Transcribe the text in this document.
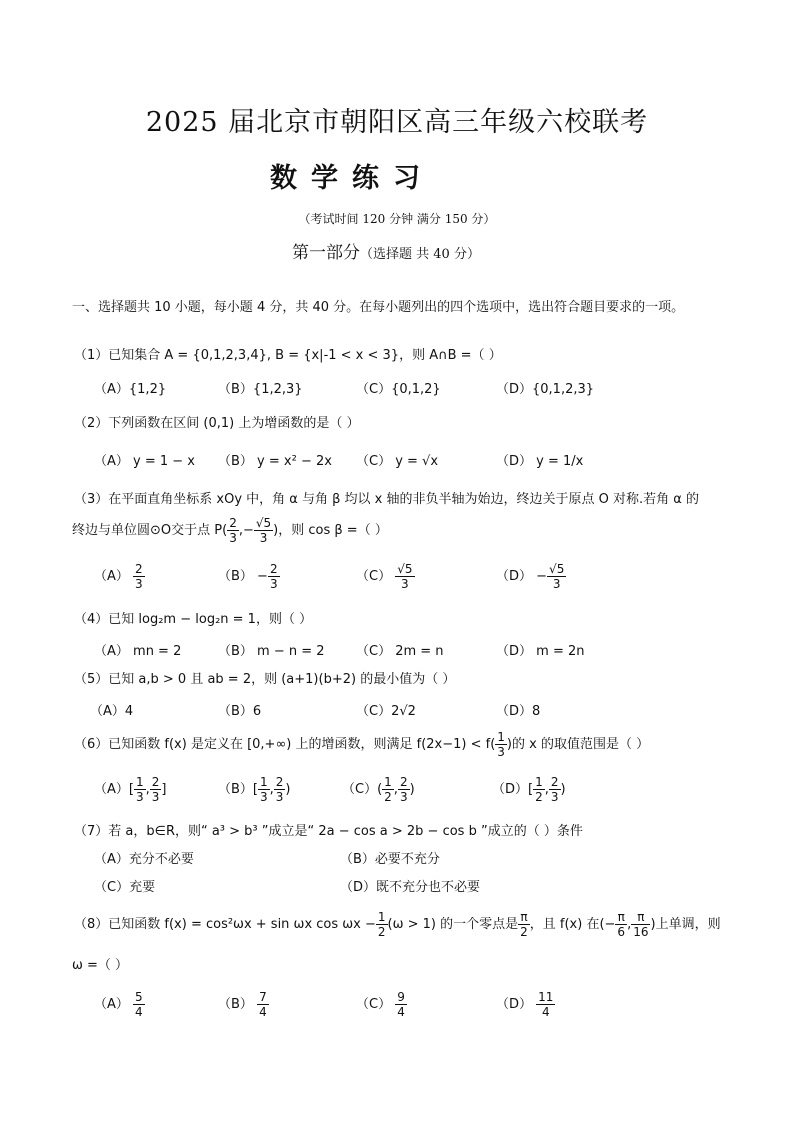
2025 届北京市朝阳区高三年级六校联考
数学练习
（考试时间 120 分钟 满分 150 分）
第一部分（选择题 共 40 分）
一、选择题共 10 小题，每小题 4 分，共 40 分。在每小题列出的四个选项中，选出符合题目要求的一项。
（1）已知集合 A = {0,1,2,3,4}, B = {x|-1 < x < 3}，则 A∩B =（ ）
（A）{1,2}	（B）{1,2,3}	（C）{0,1,2}	（D）{0,1,2,3}
（2）下列函数在区间 (0,1) 上为增函数的是（ ）
（A） y = 1 − x （B） y = x² − 2x （C） y = √x	（D） y = 1/x
（3）在平面直角坐标系 xOy 中，角 α 与角 β 均以 x 轴的非负半轴为始边，终边关于原点 O 对称.若角 α 的
终边与单位圆⊙O交于点 $P( \frac{2}{3}$ ,− $\frac{√5}{3}$ )，则 cos β =（ ）
$(A) \frac{2}{3}$	$(B) - \frac{2}{3}$	$(C) \frac{√5}{3}$	$(D) - \frac{√5}{3}$
（4）已知 log₂m − log₂n = 1，则（ ）
（A） mn = 2	（B） m − n = 2 （C） 2m = n	（D） m = 2n
（5）已知 a,b > 0 且 ab = 2，则 (a+1)(b+2) 的最小值为（ ）
（A）4	（B）6	（C）2√2	（D）8
（6）已知函数 f(x) 是定义在 [0,+∞) 上的增函数，则满足 $f(2x-1) < f( \frac{1}{3}$ )的 x 的取值范围是（ ）
$(A)[ \frac{1}{3}$ , $\frac{2}{3}$ ]	$(B)[ \frac{1}{3}$ , $\frac{2}{3}$ )	$(C)( \frac{1}{2}$ , $\frac{2}{3}$ )	$(D)[ \frac{1}{2}$ , $\frac{2}{3}$ )
（7）若 a，b∈R，则“ a³ > b³ ”成立是“ 2a − cos a > 2b − cos b ”成立的（ ）条件
（A）充分不必要	（B）必要不充分
（C）充要	（D）既不充分也不必要
（8）已知函数 f(x) = cos²ωx + sin ωx $\cos \omega x - \frac{1}{2} (\omega > 1)$ 的一个零点是 $\frac{\pi}{2}$ ，且 f(x) 在(− $\frac{\pi}{6}$ , $\frac{\pi}{16}$ )上单调，则
ω =（ ）
$(A) \frac{5}{4}$	$(B) \frac{7}{4}$	$(C) \frac{9}{4}$	$(D) \frac{11}{4}$
